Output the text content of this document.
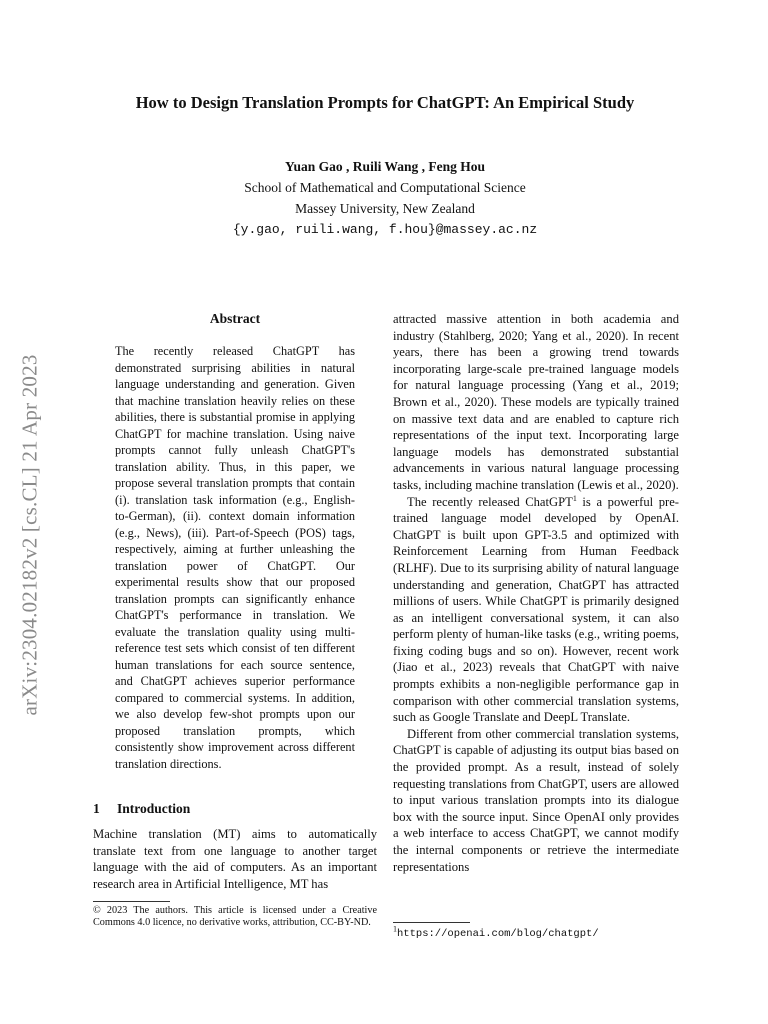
arXiv:2304.02182v2 [cs.CL] 21 Apr 2023
How to Design Translation Prompts for ChatGPT: An Empirical Study
Yuan Gao , Ruili Wang , Feng Hou
School of Mathematical and Computational Science
Massey University, New Zealand
{y.gao, ruili.wang, f.hou}@massey.ac.nz
Abstract
The recently released ChatGPT has demonstrated surprising abilities in natural language understanding and generation. Given that machine translation heavily relies on these abilities, there is substantial promise in applying ChatGPT for machine translation. Using naive prompts cannot fully unleash ChatGPT's translation ability. Thus, in this paper, we propose several translation prompts that contain (i). translation task information (e.g., English-to-German), (ii). context domain information (e.g., News), (iii). Part-of-Speech (POS) tags, respectively, aiming at further unleashing the translation power of ChatGPT. Our experimental results show that our proposed translation prompts can significantly enhance ChatGPT's performance in translation. We evaluate the translation quality using multi-reference test sets which consist of ten different human translations for each source sentence, and ChatGPT achieves superior performance compared to commercial systems. In addition, we also develop few-shot prompts upon our proposed translation prompts, which consistently show improvement across different translation directions.
1 Introduction
Machine translation (MT) aims to automatically translate text from one language to another target language with the aid of computers. As an important research area in Artificial Intelligence, MT has
© 2023 The authors. This article is licensed under a Creative Commons 4.0 licence, no derivative works, attribution, CC-BY-ND.

attracted massive attention in both academia and industry (Stahlberg, 2020; Yang et al., 2020). In recent years, there has been a growing trend towards incorporating large-scale pre-trained language models for natural language processing (Yang et al., 2019; Brown et al., 2020). These models are typically trained on massive text data and are enabled to capture rich representations of the input text. Incorporating large language models has demonstrated substantial advancements in various natural language processing tasks, including machine translation (Lewis et al., 2020).

The recently released ChatGPT$^1$ is a powerful pre-trained language model developed by OpenAI. ChatGPT is built upon GPT-3.5 and optimized with Reinforcement Learning from Human Feedback (RLHF). Due to its surprising ability of natural language understanding and generation, ChatGPT has attracted millions of users. While ChatGPT is primarily designed as an intelligent conversational system, it can also perform plenty of human-like tasks (e.g., writing poems, fixing coding bugs and so on). However, recent work (Jiao et al., 2023) reveals that ChatGPT with naive prompts exhibits a non-negligible performance gap in comparison with other commercial translation systems, such as Google Translate and DeepL Translate.

Different from other commercial translation systems, ChatGPT is capable of adjusting its output bias based on the provided prompt. As a result, instead of solely requesting translations from ChatGPT, users are allowed to input various translation prompts into its dialogue box with the source input. Since OpenAI only provides a web interface to access ChatGPT, we cannot modify the internal components or retrieve the intermediate representations

$^1$https://openai.com/blog/chatgpt/
